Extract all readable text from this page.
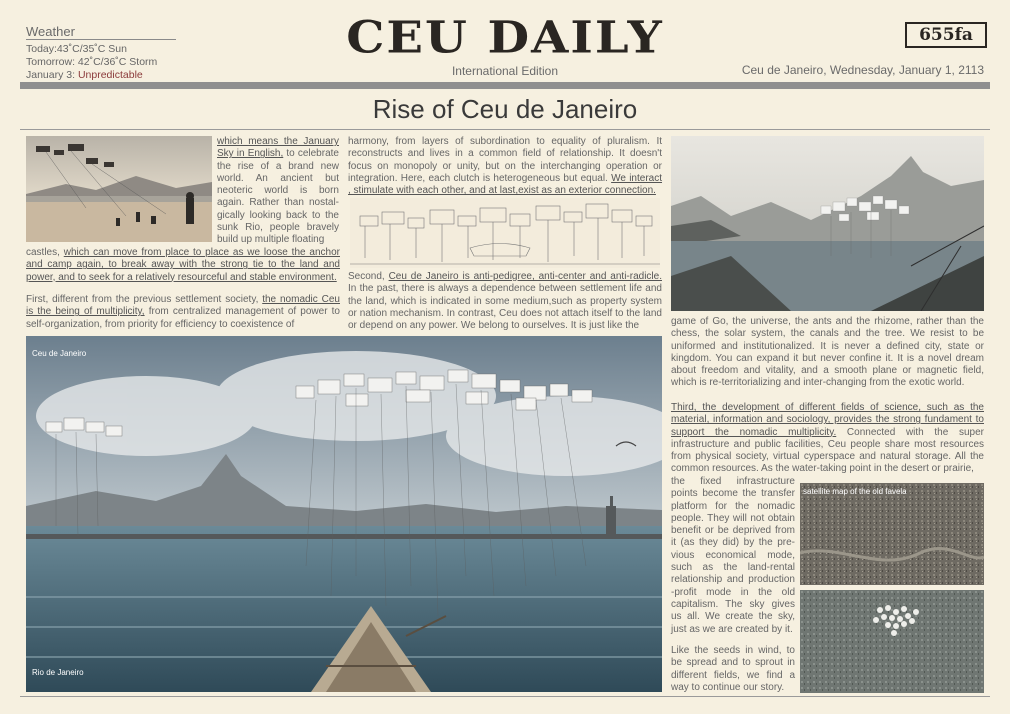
Weather
Today:43˚C/35˚C Sun
Tomorrow: 42˚C/36˚C Storm
January 3: Unpredictable
CEU DAILY
International Edition
655fa
Ceu de Janeiro, Wednesday, January 1, 2113
Rise of Ceu de Janeiro
which means the January Sky in English, to celebrate the rise of a brand new world. An ancient but neoteric world is born again. Rather than nostal-gically looking back to the sunk Rio, people bravely build up multiple floating
castles, which can move from place to place as we loose the anchor and camp again, to break away with the strong tie to the land and power, and to seek for a relatively resourceful and stable environment.
First, different from the previous settlement society, the nomadic Ceu is the being of multiplicity, from centralized management of power to self-organization, from priority for efficiency to coexistence of
harmony, from layers of subordination to equality of pluralism. It reconstructs and lives in a common field of relationship. It doesn't focus on monopoly or unity, but on the interchanging operation or integration. Here, each clutch is heterogeneous but equal. We interact , stimulate with each other, and at last,exist as an exterior connection.
Second, Ceu de Janeiro is anti-pedigree, anti-center and anti-radicle. In the past, there is always a dependence between settlement life and the land, which is indicated in some medium,such as property system or nation mechanism. In contrast, Ceu does not attach itself to the land or depend on any power. We belong to ourselves. It is just like the	game of Go, the universe, the ants and the rhizome, rather than the chess, the solar system, the canals and the tree. We resist to be uniformed and institutionalized. It is never a defined city, state or kingdom. You can expand it but never confine it. It is a novel dream about freedom and vitality, and a smooth plane or magnetic field, which is re-territorializing and inter-changing from the exotic world.
Third, the development of different fields of science, such as the material, information and sociology, provides the strong fundament to support the nomadic multiplicity. Connected with the super infrastructure and public facilities, Ceu people share most resources from physical society, virtual cyperspace and natural storage. All the common resources. As the water-taking point in the desert or prairie,
the fixed infrastructure points become the transfer platform for the nomadic people. They will not obtain benefit or be deprived from it (as they did) by the pre-vious economical mode, such as the land-rental relationship and production -profit mode in the old capitalism. The sky gives us all. We create the sky, just as we are created by it.
Like the seeds in wind, to be spread and to sprout in different fields, we find a way to continue our story.
satellite map of the old favela
Ceu de Janeiro
Rio de Janeiro
